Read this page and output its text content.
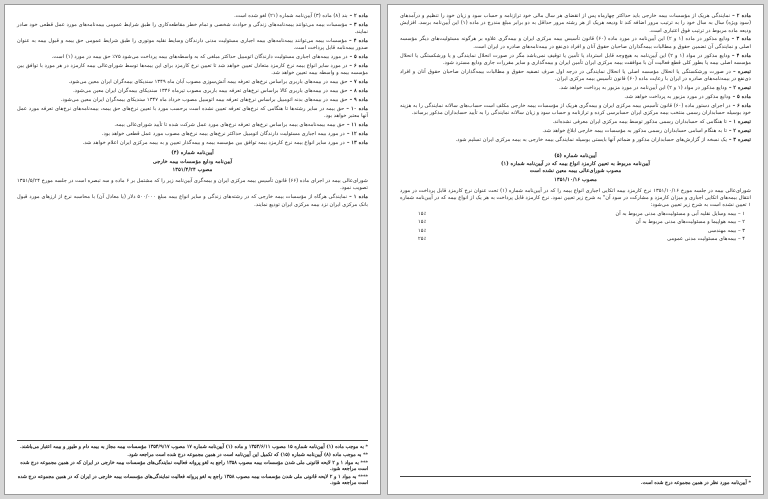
ماده ۲ –بند (۸) ماده (۳) آیین‌نامه شماره (۲۱) لغو شده است.

ماده ۳ –مؤسسات بیمه می‌توانند بیمه‌نامه‌های زندگی و حوادث شخصی و تمام خطر مقاطعه‌کاری را طبق شرایط عمومی بیمه‌نامه‌های مورد عمل قطعی خود صادر نمایند.

ماده ۴ –مؤسسات بیمه می‌توانند بیمه‌نامه‌های بیمه اجباری مسئولیت مدنی دارندگان وسایط نقلیه موتوری را طبق شرایط عمومی حق بیمه و قبول بیمه به عنوان صدور بیمه‌نامه قابل پرداخت است.

ماده ۵ –در مورد بیمه‌های اجباری مسئولیت دارندگان اتومبیل حداکثر مبلغی که به واسطه‌های بیمه پرداخت می‌شود ۷۵٪ حق بیمه در مورد (۱) است.

ماده ۶ –در مورد سایر انواع بیمه نرخ کارمزد متعادل تعیین خواهد شد تا تعیین نرخ کارمزد برای این بیمه‌ها توسط شورای‌عالی بیمه کارمزد در هر مورد با توافق بین مؤسسه بیمه و واسطه بیمه تعیین خواهد شد.

ماده ۷ –حق بیمه در بیمه‌های باربری براساس نرخ‌های تعرفه بیمه آتش‌سوزی مصوب آبان ماه ۱۳۴۹ سندیکای بیمه‌گران ایران معین می‌شود.

ماده ۸ –حق بیمه در بیمه‌های باربری کالا براساس نرخ‌های تعرفه بیمه باربری مصوب تیرماه ۱۳۴۶ سندیکای بیمه‌گران ایران معین می‌شود.

ماده ۹ –حق بیمه در بیمه‌های بدنه اتومبیل براساس نرخ‌های تعرفه بیمه اتومبیل مصوب خرداد ماه ۱۳۴۷ سندیکای بیمه‌گران ایران معین می‌شود.

ماده ۱۰ –حق بیمه در سایر رشته‌ها تا هنگامی که نرخ‌های تعرفه تعیین نشده است برحسب مورد با تعیین نرخ‌های حق بیمه، بیمه‌نامه‌های نرخ‌های تعرفه مورد عمل آنها معتبر خواهد بود.

ماده ۱۱ –حق بیمه بیمه‌نامه‌های بیمه براساس نرخ‌های تعرفه نرخ‌های مورد عمل شرکت شده تا تأیید شورای‌عالی بیمه.

ماده ۱۲ –در مورد بیمه اجباری مسئولیت دارندگان اتومبیل حداکثر نرخ‌های بیمه نرخ‌های مصوب مورد عمل قطعی خواهد بود.

ماده ۱۳ –در مورد سایر انواع بیمه نرخ کارمزد بیمه توافق بین مؤسسه بیمه و بیمه‌گذار تعیین و به بیمه مرکزی ایران اعلام خواهد شد.

آیین‌نامه شماره (۴)
آیین‌نامه ودایع مؤسسات بیمه خارجی
مصوب ۱۳۵۱/۴/۲۴

شورای‌عالی بیمه در اجرای ماده (۶۶) قانون تأسیس بیمه مرکزی ایران و بیمه‌گری آیین‌نامه زیر را که مشتمل بر ۶ ماده و سه تبصره است در جلسه مورخ ۱۳۵۱/۵/۲۴ تصویب نمود.

ماده ۱ –نمایندگی هرگاه از مؤسسات بیمه خارجی که در رشته‌های زندگی و سایر انواع بیمه مبلغ ۵۰۰/۰۰۰ دلار (یا معادل آن) با محاسبه نرخ از ارزهای مورد قبول بانک مرکزی ایران نزد بیمه مرکزی ایران تودیع نمایند.

* به موجب ماده (۱) آیین‌نامه شماره ۱۵ مصوب ۱۳۵۳/۶/۱۱ و ماده (۱) آیین‌نامه شماره ۱۷ مصوب ۱۳۵۴/۹/۱۷ مؤسسات بیمه مجاز به بیمه دام و طیور و بیمه اعتبار می‌باشند.

** به موجب ماده (۸) آیین‌نامه شماره (۱۵) که تکمیل این آیین‌نامه است در همین مجموعه درج شده است مراجعه شود.

*** به مواد ۱ و ۲ لایحه قانونی ملی شدن مؤسسات بیمه مصوب ۱۳۵۸ راجع به لغو پروانه فعالیت نمایندگی‌های مؤسسات بیمه خارجی در ایران که در همین مجموعه درج شده است مراجعه شود.

**** به مواد ۱ و ۲ لایحه قانونی ملی شدن مؤسسات بیمه مصوب ۱۳۵۸ راجع به لغو پروانه فعالیت نمایندگی‌های مؤسسات بیمه خارجی در ایران که در همین مجموعه درج شده است مراجعه شود.

ماده ۲ –نمایندگی هریک از مؤسسات بیمه خارجی باید حداکثر چهارماه پس از انقضای هر سال مالی خود ترازنامه و حساب سود و زیان خود را تنظیم و درآمدهای (سود ویژه) سال به سال خود را به ترتیب مرور اضافه کند تا ودیعه هریک از هر رشته مرور حداقل به دو برابر مبلغ مندرج در ماده (۱) این آیین‌نامه برسد. افزایش ودیعه ماده مربوط در ترتیب فوق اعتباری است.

ماده ۳ –ودایع مذکور در ماده (۱ و ۲) این آیین‌نامه در مورد ماده (۶۰) قانون تأسیس بیمه مرکزی ایران و بیمه‌گری علاوه بر هرگونه مسئولیت‌های دیگر مؤسسه اصلی و نمایندگی آن تضمین حقوق و مطالبات بیمه‌گذاران صاحبان حقوق آنان و افراد ذی‌نفع در بیمه‌نامه‌های صادره در ایران است.

ماده ۴ –ودایع مذکور در مواد (۱ و ۲) این آیین‌نامه به هیچ‌وجه قابل استرداد یا تأمین یا توقیف نمی‌باشد مگر در صورت انحلال نمایندگی و یا ورشکستگی یا انحلال مؤسسه اصلی بیمه یا بطور کلی قطع فعالیت آن با موافقت بیمه مرکزی ایران تأمین ایران و بیمه‌گذاری و سایر مقررات جاری ودایع مسترد شود.

تبصره –در صورت ورشکستگی یا انحلال مؤسسه اصلی یا انحلال نمایندگی در درجه اول صرف تصفیه حقوق و مطالبات بیمه‌گذاران صاحبان حقوق آنان و افراد ذی‌نفع در بیمه‌نامه‌های صادره در ایران با رعایت ماده (۶۰) قانون تأسیس بیمه مرکزی ایران.

تبصره ۲ –ودایع مذکور در مواد (۱ و ۲) این آیین‌نامه در مورد مزبور به پرداخت خواهد شد.

ماده ۵ –ودایع مذکور در مورد مزبور به پرداخت خواهد شد.

ماده ۶ –در اجرای دستور ماده (۶۰) قانون تأسیس بیمه مرکزی ایران و بیمه‌گری هریک از مؤسسات بیمه خارجی مکلف است حساب‌های سالانه نمایندگی را به هزینه خود بوسیله حسابداران رسمی منتخب بیمه مرکزی ایران حسابرسی کرده و ترازنامه و حساب سود و زیان سالانه نمایندگی را به تأیید حسابداران مذکور برساند.

تبصره ۱ –تا هنگامی که حسابداران رسمی مذکور توسط بیمه مرکزی ایران معرفی نشده‌اند.

تبصره ۲ –تا به هنگام اسامی حسابداران رسمی مذکور به مؤسسات بیمه خارجی ابلاغ خواهد شد.

تبصره ۳ –یک نسخه از گزارش‌های حسابداران مذکور و ضمائم آنها بایستی بوسیله نمایندگی بیمه خارجی به بیمه مرکزی ایران تسلیم شود.

آیین‌نامه شماره (۵)
آیین‌نامه مربوط به تعیین کارمزد انواع بیمه که در آیین‌نامه شماره (۱)
مصوب شورای‌عالی بیمه معین نشده است
مصوب ۱۳۵۱/۱۰/۱۶

شورای‌عالی بیمه در جلسه مورخ ۱۳۵۱/۱۰/۱۶ نرخ کارمزد بیمه اتکایی اجباری انواع بیمه را که در آیین‌نامه شماره (۱) تحت عنوان نرخ کارمزد قابل پرداخت در مورد انتقال بیمه‌های اتکایی اجباری و میزان کارمزد و مشارکت در سود آن" به شرح زیر تعیین نمود. نرخ کارمزد قابل پرداخت به هر یک از انواع بیمه که در آیین‌نامه شماره ۱ تعیین نشده است به شرح زیر تعیین می‌شود:

۱ – بیمه وسایل نقلیه آبی و مسئولیت‌های مدنی مربوط به آن
۱۵٪
۲ – بیمه هواپیما و مسئولیت‌های مدنی مربوط به آن
۱۵٪
۳ – بیمه مهندسی
۱۵٪
۴ – بیمه‌های مسئولیت مدنی عمومی
۲۵٪

* آیین‌نامه مورد نظر در همین مجموعه درج شده است.
